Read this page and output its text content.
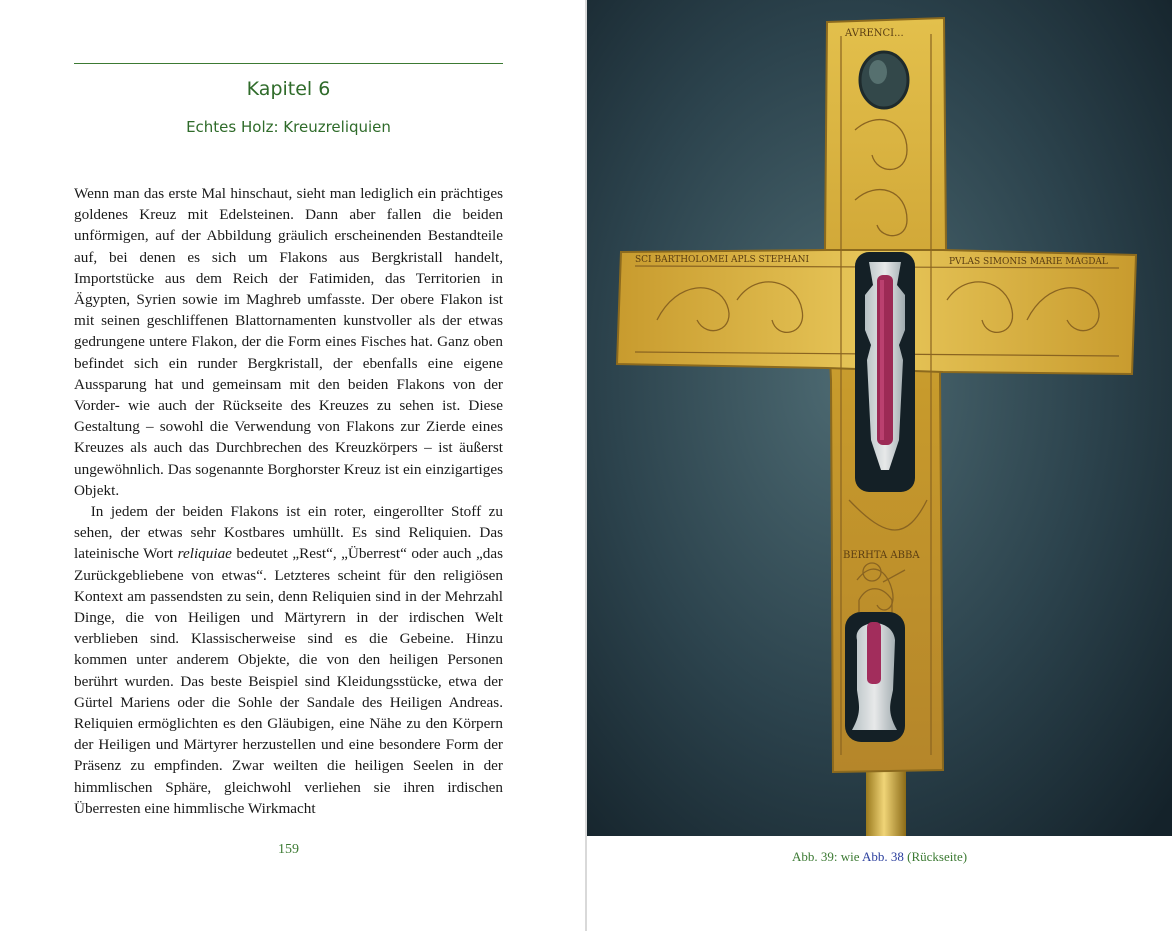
Kapitel 6
Echtes Holz: Kreuzreliquien

Wenn man das erste Mal hinschaut, sieht man lediglich ein prächtiges goldenes Kreuz mit Edelsteinen. Dann aber fallen die beiden unförmigen, auf der Abbildung gräulich erscheinenden Bestandteile auf, bei denen es sich um Flakons aus Bergkristall handelt, Importstücke aus dem Reich der Fatimiden, das Territorien in Ägypten, Syrien sowie im Maghreb umfasste. Der obere Flakon ist mit seinen geschliffenen Blattornamenten kunstvoller als der etwas gedrungene untere Flakon, der die Form eines Fisches hat. Ganz oben befindet sich ein runder Bergkristall, der ebenfalls eine eigene Aussparung hat und gemeinsam mit den beiden Flakons von der Vorder- wie auch der Rückseite des Kreuzes zu sehen ist. Diese Gestaltung – sowohl die Verwendung von Flakons zur Zierde eines Kreuzes als auch das Durchbrechen des Kreuzkörpers – ist äußerst ungewöhnlich. Das sogenannte Borghorster Kreuz ist ein einzigartiges Objekt.

In jedem der beiden Flakons ist ein roter, eingerollter Stoff zu sehen, der etwas sehr Kostbares umhüllt. Es sind Reliquien. Das lateinische Wort reliquiae bedeutet „Rest“, „Überrest“ oder auch „das Zurückgebliebene von etwas“. Letzteres scheint für den religiösen Kontext am passendsten zu sein, denn Reliquien sind in der Mehrzahl Dinge, die von Heiligen und Märtyrern in der irdischen Welt verblieben sind. Klassischerweise sind es die Gebeine. Hinzu kommen unter anderem Objekte, die von den heiligen Personen berührt wurden. Das beste Beispiel sind Kleidungsstücke, etwa der Gürtel Mariens oder die Sohle der Sandale des Heiligen Andreas. Reliquien ermöglichten es den Gläubigen, eine Nähe zu den Körpern der Heiligen und Märtyrer herzustellen und eine besondere Form der Präsenz zu empfinden. Zwar weilten die heiligen Seelen in der himmlischen Sphäre, gleichwohl verliehen sie ihren irdischen Überresten eine himmlische Wirkmacht

159
AVRENCI...
SCI BARTHOLOMEI APLS STEPHANI	PVLAS SIMONIS MARIE MAGDAL
BERHTA ABBA
Abb. 39: wie Abb. 38 (Rückseite)
